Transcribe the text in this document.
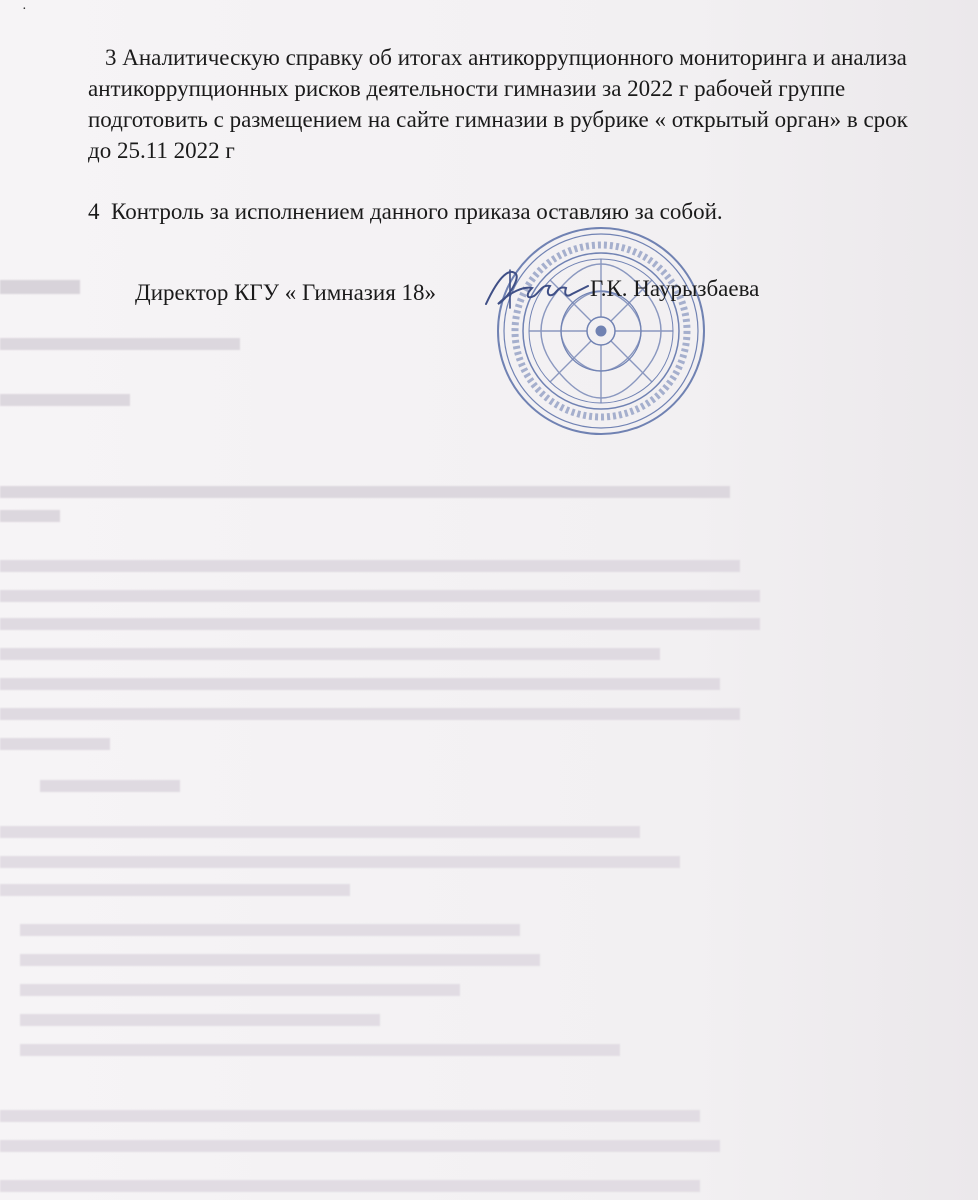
·

3 Аналитическую справку об итогах антикоррупционного мониторинга и анализа антикоррупционных рисков деятельности гимназии за 2022 г рабочей группе подготовить с размещением на сайте гимназии в рубрике « открытый орган» в срок до 25.11 2022 г

4 Контроль за исполнением данного приказа оставляю за собой.

Директор КГУ « Гимназия 18»	Г.К. Наурызбаева
